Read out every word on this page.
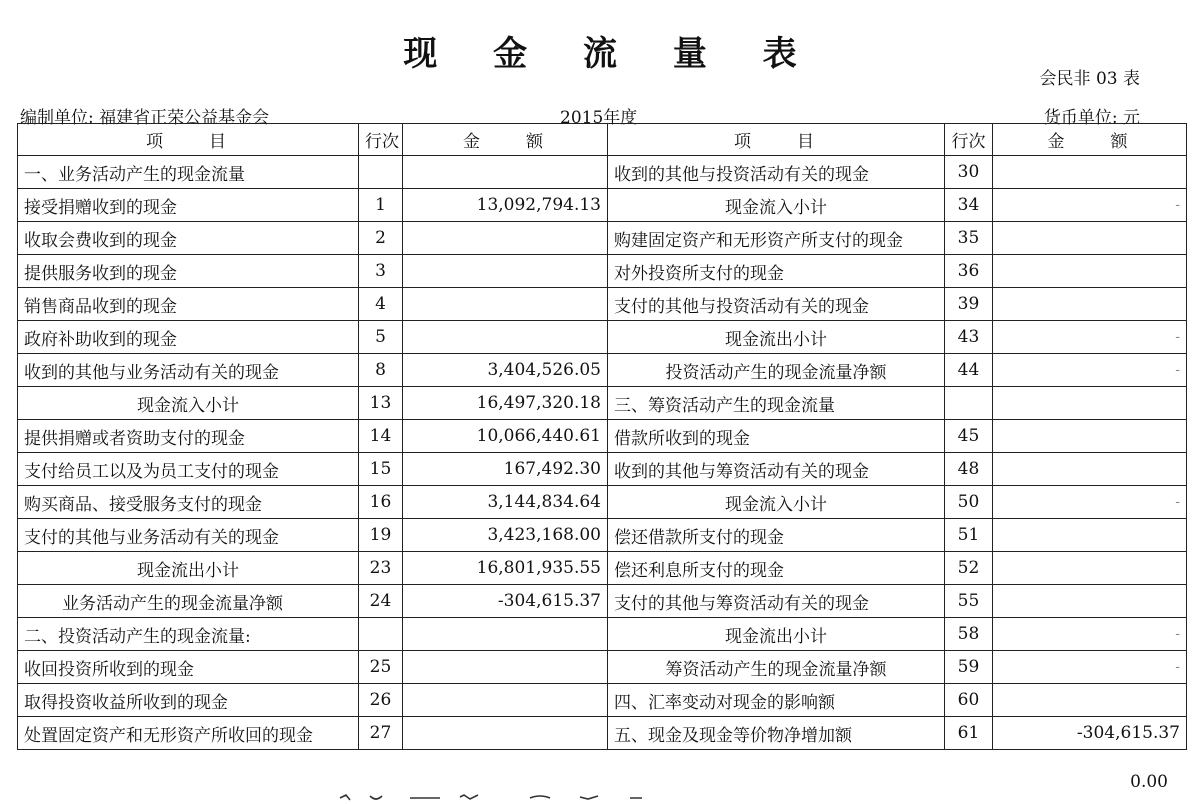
现 金 流 量 表
会民非 03 表
编制单位: 福建省正荣公益基金会	2015年度	货币单位: 元
项　　目	行次	金　　额	项　　目	行次	金　　额
一、业务活动产生的现金流量			收到的其他与投资活动有关的现金	30	
接受捐赠收到的现金	1	13,092,794.13	现金流入小计	34	-
收取会费收到的现金	2		购建固定资产和无形资产所支付的现金	35	
提供服务收到的现金	3		对外投资所支付的现金	36	
销售商品收到的现金	4		支付的其他与投资活动有关的现金	39	
政府补助收到的现金	5		现金流出小计	43	-
收到的其他与业务活动有关的现金	8	3,404,526.05	投资活动产生的现金流量净额	44	-
现金流入小计	13	16,497,320.18	三、筹资活动产生的现金流量		
提供捐赠或者资助支付的现金	14	10,066,440.61	借款所收到的现金	45	
支付给员工以及为员工支付的现金	15	167,492.30	收到的其他与筹资活动有关的现金	48	
购买商品、接受服务支付的现金	16	3,144,834.64	现金流入小计	50	-
支付的其他与业务活动有关的现金	19	3,423,168.00	偿还借款所支付的现金	51	
现金流出小计	23	16,801,935.55	偿还利息所支付的现金	52	
业务活动产生的现金流量净额	24	-304,615.37	支付的其他与筹资活动有关的现金	55	
二、投资活动产生的现金流量:			现金流出小计	58	-
收回投资所收到的现金	25		筹资活动产生的现金流量净额	59	-
取得投资收益所收到的现金	26		四、汇率变动对现金的影响额	60	
处置固定资产和无形资产所收回的现金	27		五、现金及现金等价物净增加额	61	-304,615.37
0.00
